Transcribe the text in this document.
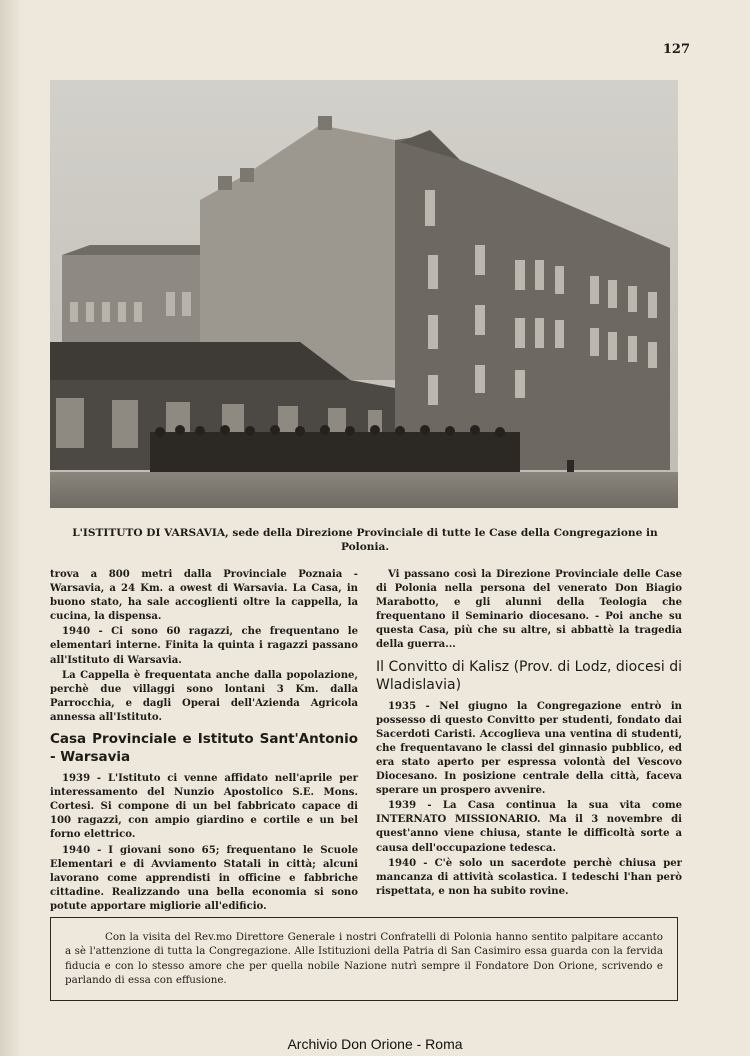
127
L'ISTITUTO DI VARSAVIA, sede della Direzione Provinciale di tutte le Case della Congregazione in Polonia.

trova a 800 metri dalla Provinciale Poznaia - Warsavia, a 24 Km. a owest di Warsavia. La Casa, in buono stato, ha sale accoglienti oltre la cappella, la cucina, la dispensa.

1940 - Ci sono 60 ragazzi, che frequentano le elementari interne. Finita la quinta i ragazzi passano all'Istituto di Warsavia.

La Cappella è frequentata anche dalla popolazione, perchè due villaggi sono lontani 3 Km. dalla Parrocchia, e dagli Operai dell'Azienda Agricola annessa all'Istituto.

Casa Provinciale e Istituto Sant'Antonio - Warsavia

1939 - L'Istituto ci venne affidato nell'aprile per interessamento del Nunzio Apostolico S.E. Mons. Cortesi. Si compone di un bel fabbricato capace di 100 ragazzi, con ampio giardino e cortile e un bel forno elettrico.

1940 - I giovani sono 65; frequentano le Scuole Elementari e di Avviamento Statali in città; alcuni lavorano come apprendisti in officine e fabbriche cittadine. Realizzando una bella economia si sono potute apportare migliorie all'edificio.

Vi passano così la Direzione Provinciale delle Case di Polonia nella persona del venerato Don Biagio Marabotto, e gli alunni della Teologia che frequentano il Seminario diocesano. - Poi anche su questa Casa, più che su altre, si abbattè la tragedia della guerra...

Il Convitto di Kalisz (Prov. di Lodz, diocesi di Wladislavia)

1935 - Nel giugno la Congregazione entrò in possesso di questo Convitto per studenti, fondato dai Sacerdoti Caristi. Accoglieva una ventina di studenti, che frequentavano le classi del ginnasio pubblico, ed era stato aperto per espressa volontà del Vescovo Diocesano. In posizione centrale della città, faceva sperare un prospero avvenire.

1939 - La Casa continua la sua vita come INTERNATO MISSIONARIO. Ma il 3 novembre di quest'anno viene chiusa, stante le difficoltà sorte a causa dell'occupazione tedesca.

1940 - C'è solo un sacerdote perchè chiusa per mancanza di attività scolastica. I tedeschi l'han però rispettata, e non ha subito rovine.

Con la visita del Rev.mo Direttore Generale i nostri Confratelli di Polonia hanno sentito palpitare accanto a sè l'attenzione di tutta la Congregazione. Alle Istituzioni della Patria di San Casimiro essa guarda con la fervida fiducia e con lo stesso amore che per quella nobile Nazione nutrì sempre il Fondatore Don Orione, scrivendo e parlando di essa con effusione.

Archivio Don Orione - Roma
